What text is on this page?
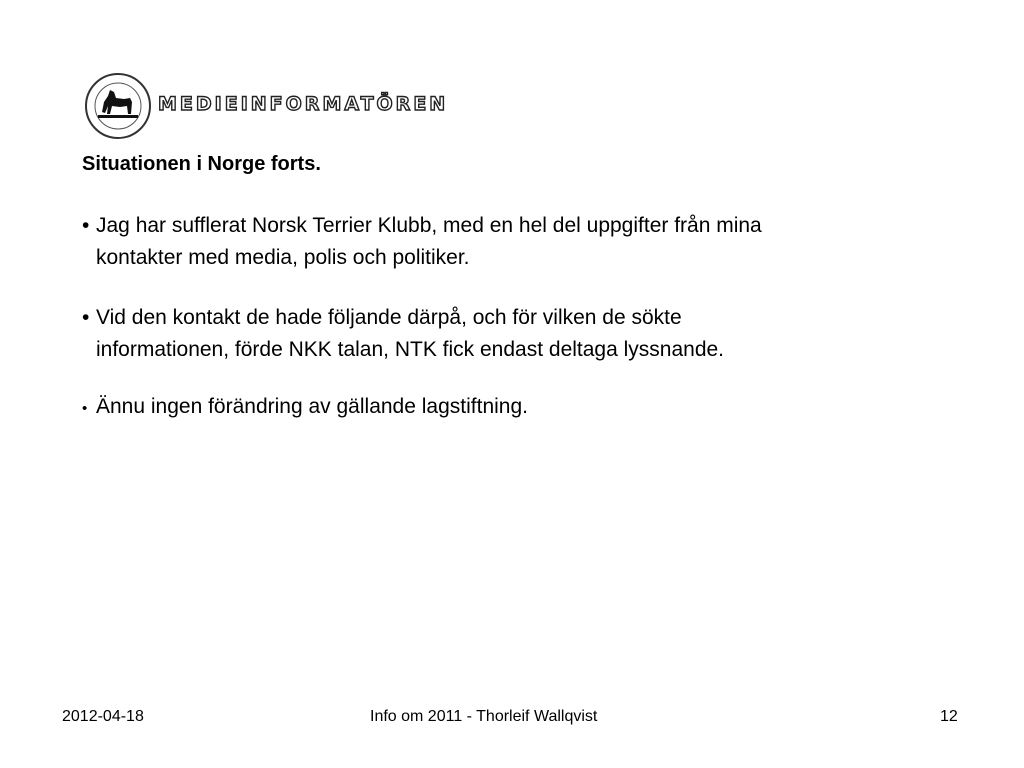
MEDIEINFORMATÖREN
Situationen i Norge forts.
• Jag har sufflerat Norsk Terrier Klubb, med en hel del uppgifter från mina
kontakter med media, polis och politiker.
• Vid den kontakt de hade följande därpå, och för vilken de sökte
informationen, förde NKK talan, NTK fick endast deltaga lyssnande.
• Ännu ingen förändring av gällande lagstiftning.
2012-04-18	Info om 2011 - Thorleif Wallqvist	12
